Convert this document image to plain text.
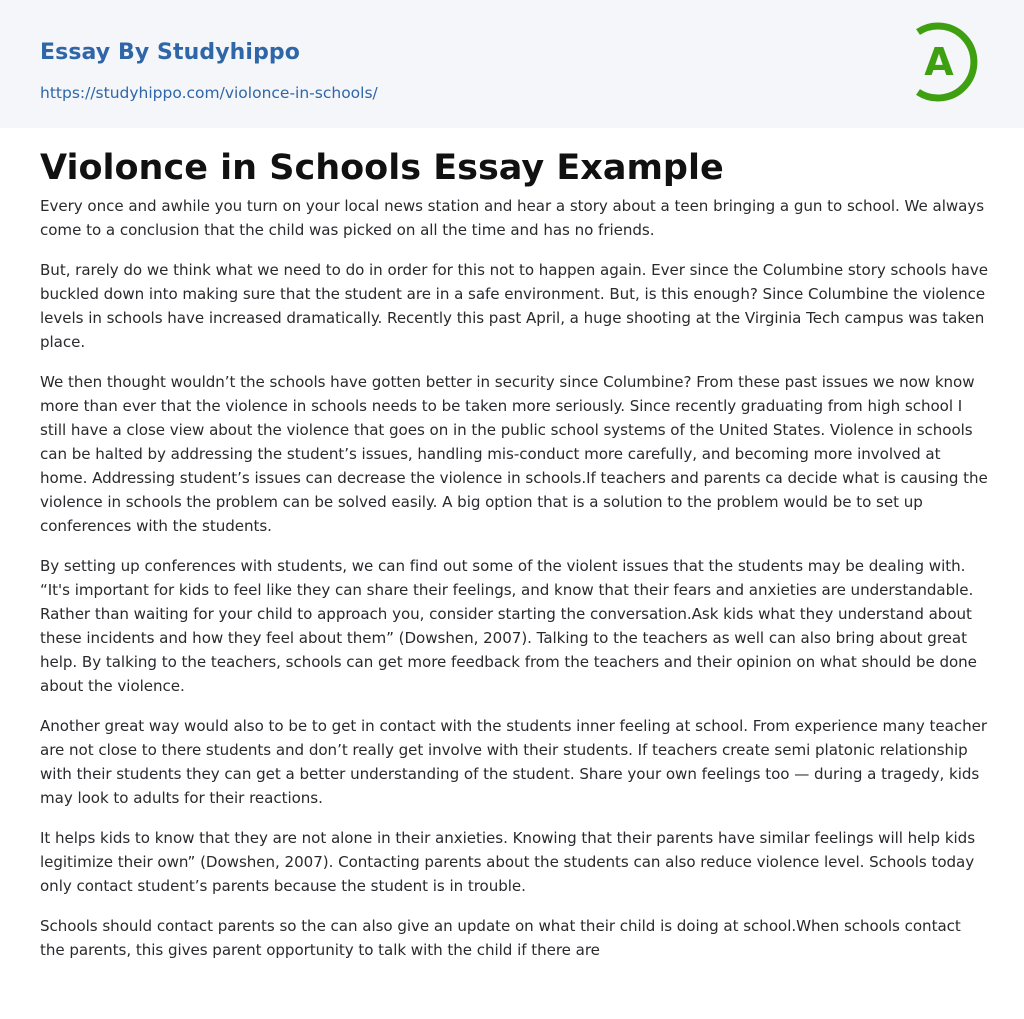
Essay By Studyhippo
https://studyhippo.com/violonce-in-schools/
A
Violonce in Schools Essay Example

Every once and awhile you turn on your local news station and hear a story about a teen bringing a gun to school. We always come to a conclusion that the child was picked on all the time and has no friends.

But, rarely do we think what we need to do in order for this not to happen again. Ever since the Columbine story schools have buckled down into making sure that the student are in a safe environment. But, is this enough? Since Columbine the violence levels in schools have increased dramatically. Recently this past April, a huge shooting at the Virginia Tech campus was taken place.

We then thought wouldn’t the schools have gotten better in security since Columbine? From these past issues we now know more than ever that the violence in schools needs to be taken more seriously. Since recently graduating from high school I still have a close view about the violence that goes on in the public school systems of the United States. Violence in schools can be halted by addressing the student’s issues, handling mis-conduct more carefully, and becoming more involved at home. Addressing student’s issues can decrease the violence in schools.If teachers and parents ca decide what is causing the violence in schools the problem can be solved easily. A big option that is a solution to the problem would be to set up conferences with the students.

By setting up conferences with students, we can find out some of the violent issues that the students may be dealing with. “It's important for kids to feel like they can share their feelings, and know that their fears and anxieties are understandable. Rather than waiting for your child to approach you, consider starting the conversation.Ask kids what they understand about these incidents and how they feel about them” (Dowshen, 2007). Talking to the teachers as well can also bring about great help. By talking to the teachers, schools can get more feedback from the teachers and their opinion on what should be done about the violence.

Another great way would also to be to get in contact with the students inner feeling at school. From experience many teacher are not close to there students and don’t really get involve with their students. If teachers create semi platonic relationship with their students they can get a better understanding of the student. Share your own feelings too — during a tragedy, kids may look to adults for their reactions.

It helps kids to know that they are not alone in their anxieties. Knowing that their parents have similar feelings will help kids legitimize their own” (Dowshen, 2007). Contacting parents about the students can also reduce violence level. Schools today only contact student’s parents because the student is in trouble.

Schools should contact parents so the can also give an update on what their child is doing at school.When schools contact the parents, this gives parent opportunity to talk with the child if there are
